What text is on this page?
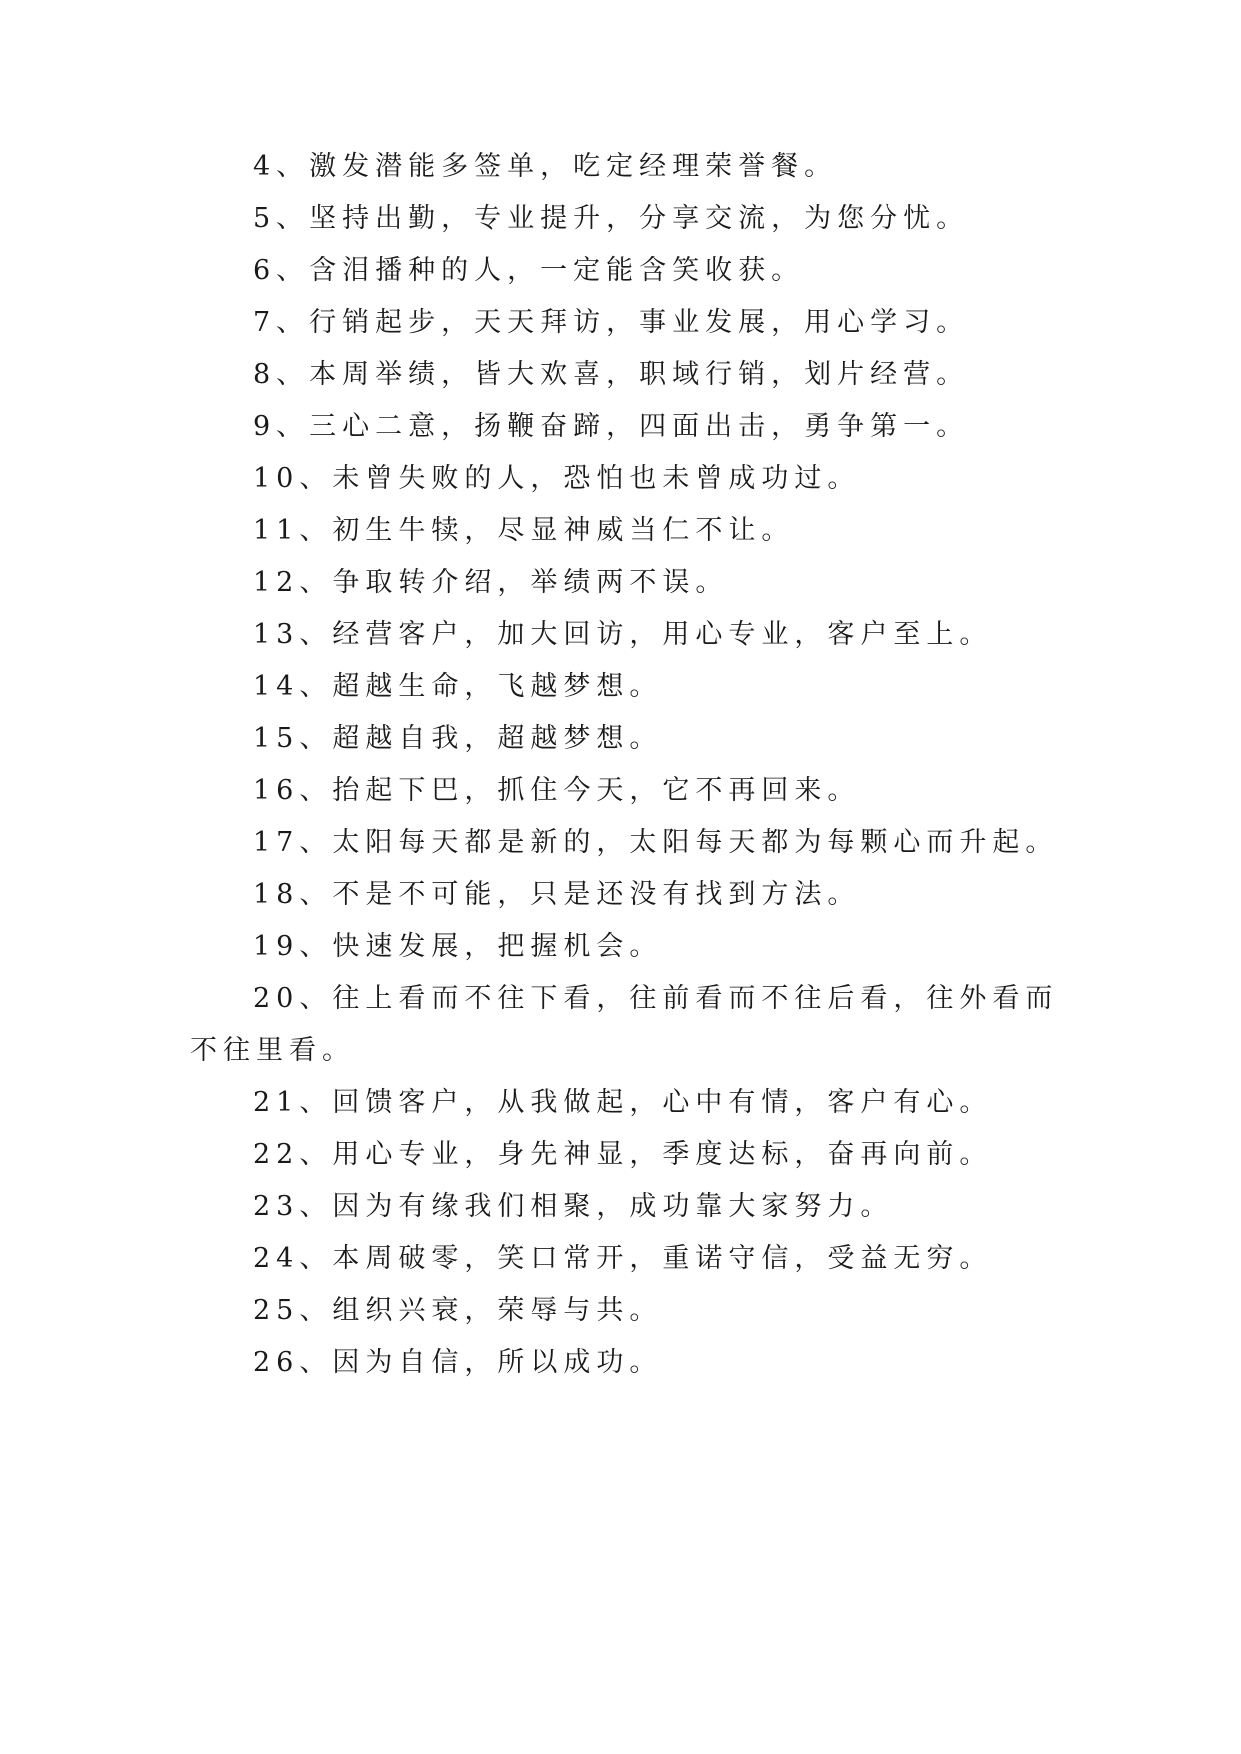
4、激发潜能多签单，吃定经理荣誉餐。
5、坚持出勤，专业提升，分享交流，为您分忧。
6、含泪播种的人，一定能含笑收获。
7、行销起步，天天拜访，事业发展，用心学习。
8、本周举绩，皆大欢喜，职域行销，划片经营。
9、三心二意，扬鞭奋蹄，四面出击，勇争第一。
10、未曾失败的人，恐怕也未曾成功过。
11、初生牛犊，尽显神威当仁不让。
12、争取转介绍，举绩两不误。
13、经营客户，加大回访，用心专业，客户至上。
14、超越生命，飞越梦想。
15、超越自我，超越梦想。
16、抬起下巴，抓住今天，它不再回来。
17、太阳每天都是新的，太阳每天都为每颗心而升起。
18、不是不可能，只是还没有找到方法。
19、快速发展，把握机会。
20、往上看而不往下看，往前看而不往后看，往外看而
不往里看。
21、回馈客户，从我做起，心中有情，客户有心。
22、用心专业，身先神显，季度达标，奋再向前。
23、因为有缘我们相聚，成功靠大家努力。
24、本周破零，笑口常开，重诺守信，受益无穷。
25、组织兴衰，荣辱与共。
26、因为自信，所以成功。
